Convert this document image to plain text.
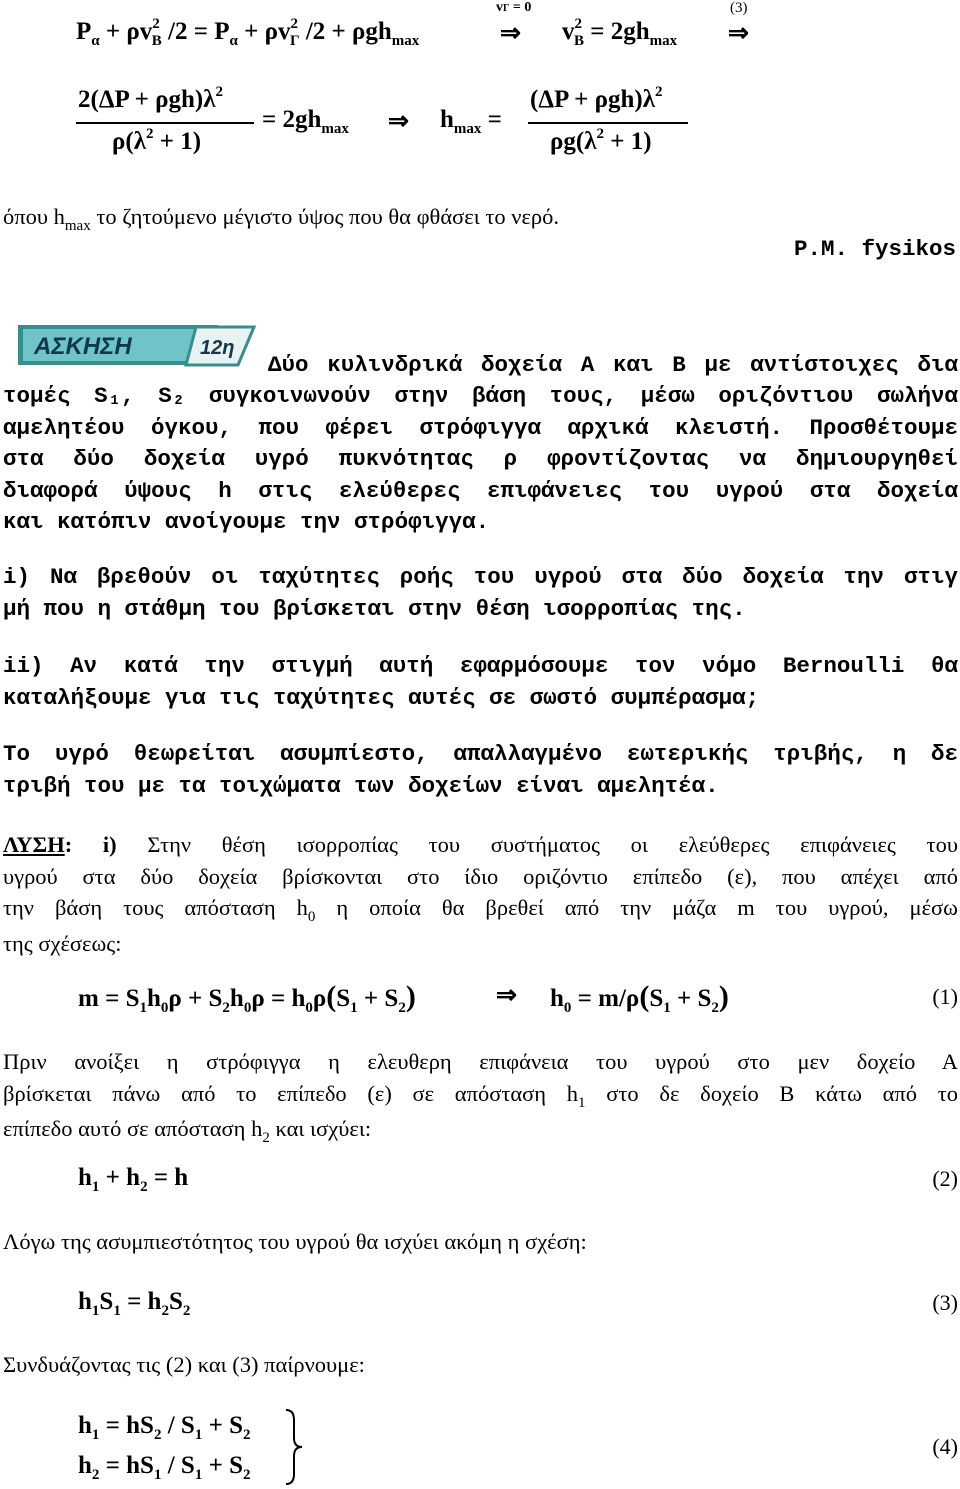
$P_\alpha + \rho v^2_B$ $/2 = P_\alpha + \rho v^2_\Gamma$ /2 + ρgh$_{max}$	⇒ $v^2_B = 2gh_{max}$ ⇒
vΓ = 0	(3)
$2(\Delta P + \rho gh)\lambda^2$
$\rho(\lambda^2 + 1)$
= $2gh_{max}$ ⇒ $h_{max}$ =
$(\Delta P + \rho gh)\lambda^2$
$\rho g(\lambda^2 + 1)$
όπου $h_{max}$ το ζητούμενο μέγιστο ύψος που θα φθάσει το νερό.
P.M. fysikos
ΑΣΚΗΣΗ	12η
Δύο κυλινδρικά δοχεία Α και Β με αντίστοιχες δια
τομές S₁, S₂ συγκοινωνούν στην βάση τους, μέσω οριζόντιου σωλήνα
αμελητέου όγκου, που φέρει στρόφιγγα αρχικά κλειστή. Προσθέτουμε
στα δύο δοχεία υγρό πυκνότητας ρ φροντίζοντας να δημιουργηθεί
διαφορά ύψους h στις ελεύθερες επιφάνειες του υγρού στα δοχεία
και κατόπιν ανοίγουμε την στρόφιγγα.
i) Να βρεθούν οι ταχύτητες ροής του υγρού στα δύο δοχεία την στιγ
μή που η στάθμη του βρίσκεται στην θέση ισορροπίας της.
ii) Αν κατά την στιγμή αυτή εφαρμόσουμε τον νόμο Bernoulli θα
καταλήξουμε για τις ταχύτητες αυτές σε σωστό συμπέρασμα;
Το υγρό θεωρείται ασυμπίεστο, απαλλαγμένο εωτερικής τριβής, η δε
τριβή του με τα τοιχώματα των δοχείων είναι αμελητέα.
ΛΥΣΗ: i) Στην θέση ισορροπίας του συστήματος οι ελεύθερες επιφάνειες του
υγρού στα δύο δοχεία βρίσκονται στο ίδιο οριζόντιο επίπεδο (ε), που απέχει από
την βάση τους απόσταση $h_0$ η οποία θα βρεθεί από την μάζα m του υγρού, μέσω
της σχέσεως:
$m = S_1h_0\rho + S_2h_0\rho = h_0\rho(S_1 + S_2)$	⇒ $h_0 = m/\rho(S_1 + S_2)$	(1)
Πριν ανοίξει η στρόφιγγα η ελευθερη επιφάνεια του υγρού στο μεν δοχείο Α
βρίσκεται πάνω από το επίπεδο (ε) σε απόσταση $h_1$ στο δε δοχείο Β κάτω από το
επίπεδο αυτό σε απόσταση $h_2$ και ισχύει:
$h_1 + h_2 = h$	(2)
Λόγω της ασυμπιεστότητος του υγρού θα ισχύει ακόμη η σχέση:
$h_1S_1 = h_2S_2$	(3)
Συνδυάζοντας τις (2) και (3) παίρνουμε:
$h_1 = hS_2 / S_1 + S_2$
$h_2 = hS_1 / S_1 + S_2$
(4)
